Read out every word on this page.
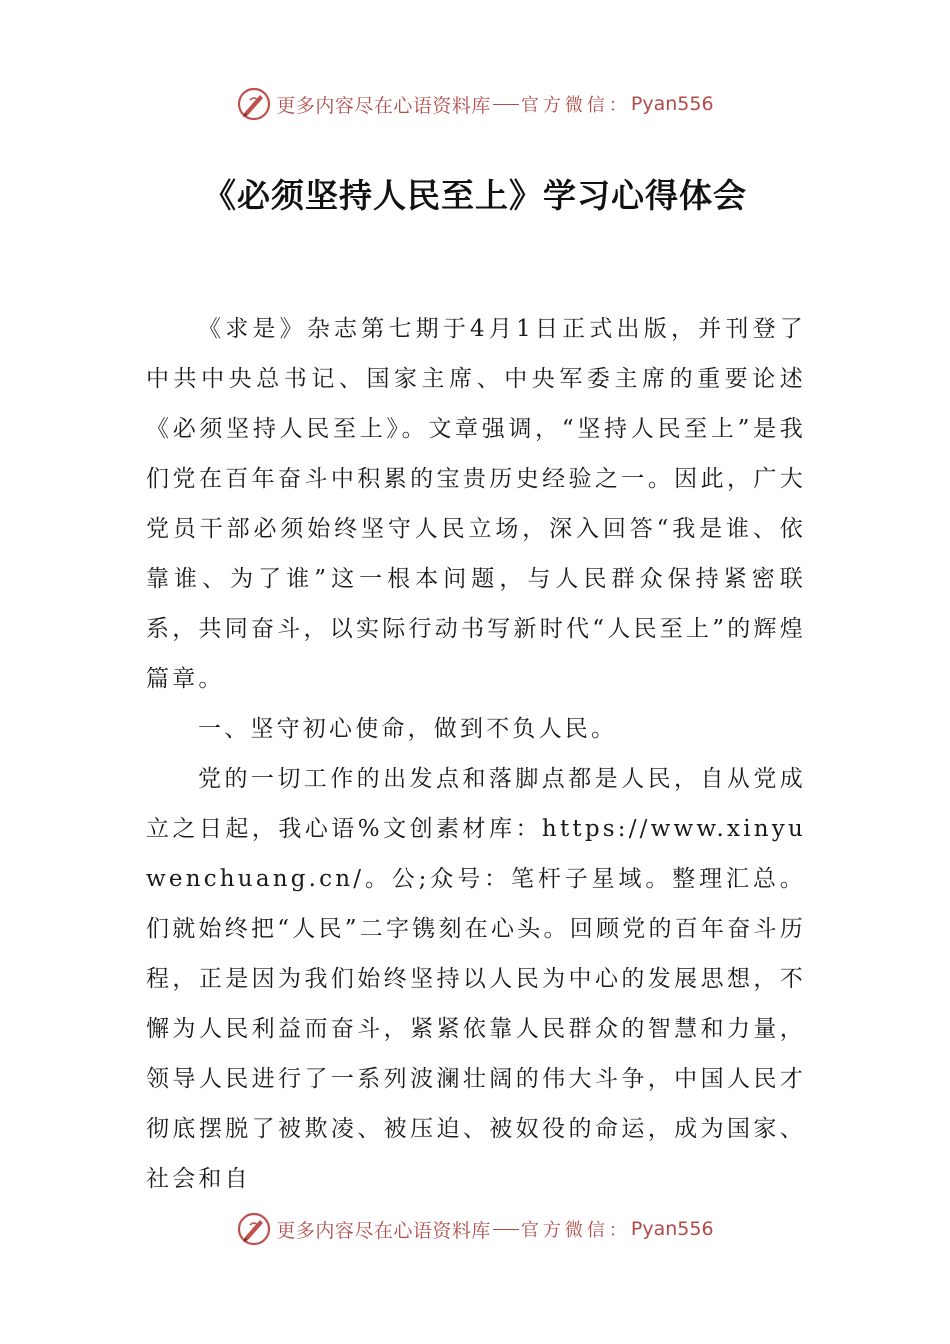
更多内容尽在心语资料库 官方微信： Pyan556
《必须坚持人民至上》学习心得体会

《求是》杂志第七期于4月1日正式出版，并刊登了中共中央总书记、国家主席、中央军委主席的重要论述《必须坚持人民至上》。文章强调，“坚持人民至上”是我们党在百年奋斗中积累的宝贵历史经验之一。因此，广大党员干部必须始终坚守人民立场，深入回答“我是谁、依靠谁、为了谁”这一根本问题，与人民群众保持紧密联系，共同奋斗，以实际行动书写新时代“人民至上”的辉煌篇章。

一、坚守初心使命，做到不负人民。

党的一切工作的出发点和落脚点都是人民，自从党成立之日起，我心语%文创素材库：https://www.xinyuwenchuang.cn/。公;众号：笔杆子星域。整理汇总。们就始终把“人民”二字镌刻在心头。回顾党的百年奋斗历程，正是因为我们始终坚持以人民为中心的发展思想，不懈为人民利益而奋斗，紧紧依靠人民群众的智慧和力量，领导人民进行了一系列波澜壮阔的伟大斗争，中国人民才彻底摆脱了被欺凌、被压迫、被奴役的命运，成为国家、社会和自

更多内容尽在心语资料库 官方微信： Pyan556
